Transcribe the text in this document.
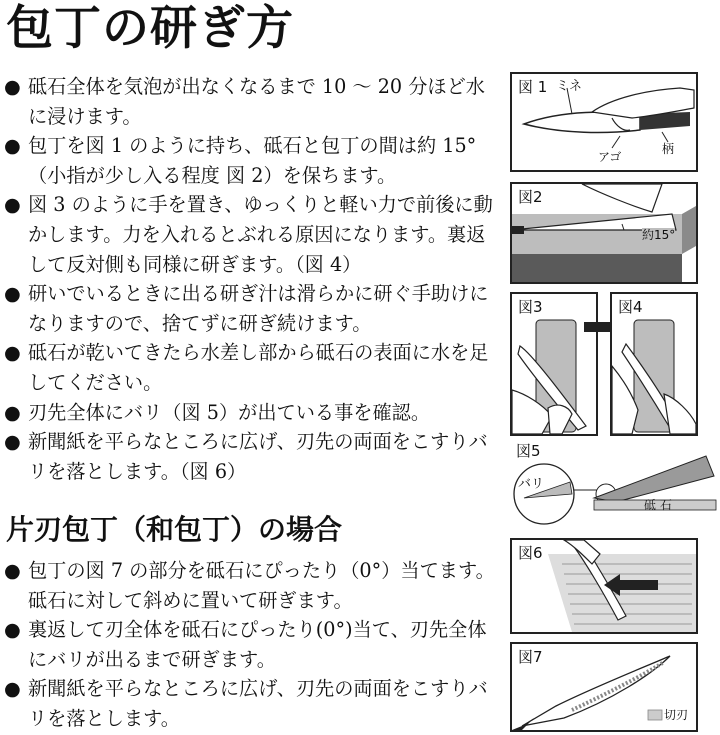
包丁の研ぎ方
● 砥石全体を気泡が出なくなるまで 10 ～ 20 分ほど水に浸けます。
● 包丁を図 1 のように持ち、砥石と包丁の間は約 15°（小指が少し入る程度 図 2）を保ちます。
● 図 3 のように手を置き、ゆっくりと軽い力で前後に動かします。力を入れるとぶれる原因になります。裏返して反対側も同様に研ぎます。（図 4）
● 研いでいるときに出る研ぎ汁は滑らかに研ぐ手助けになりますので、捨てずに研ぎ続けます。
● 砥石が乾いてきたら水差し部から砥石の表面に水を足してください。
● 刃先全体にバリ（図 5）が出ている事を確認。
● 新聞紙を平らなところに広げ、刃先の両面をこすりバリを落とします。（図 6）
片刃包丁（和包丁）の場合
● 包丁の図 7 の部分を砥石にぴったり（0°）当てます。砥石に対して斜めに置いて研ぎます。
● 裏返して刃全体を砥石にぴったり(0°)当て、刃先全体にバリが出るまで研ぎます。
● 新聞紙を平らなところに広げ、刃先の両面をこすりバリを落とします。
図 1 ミネ
アゴ
柄
図2
約15°
図3	図4
図5
バリ
砥 石
図6
図7
切刃
